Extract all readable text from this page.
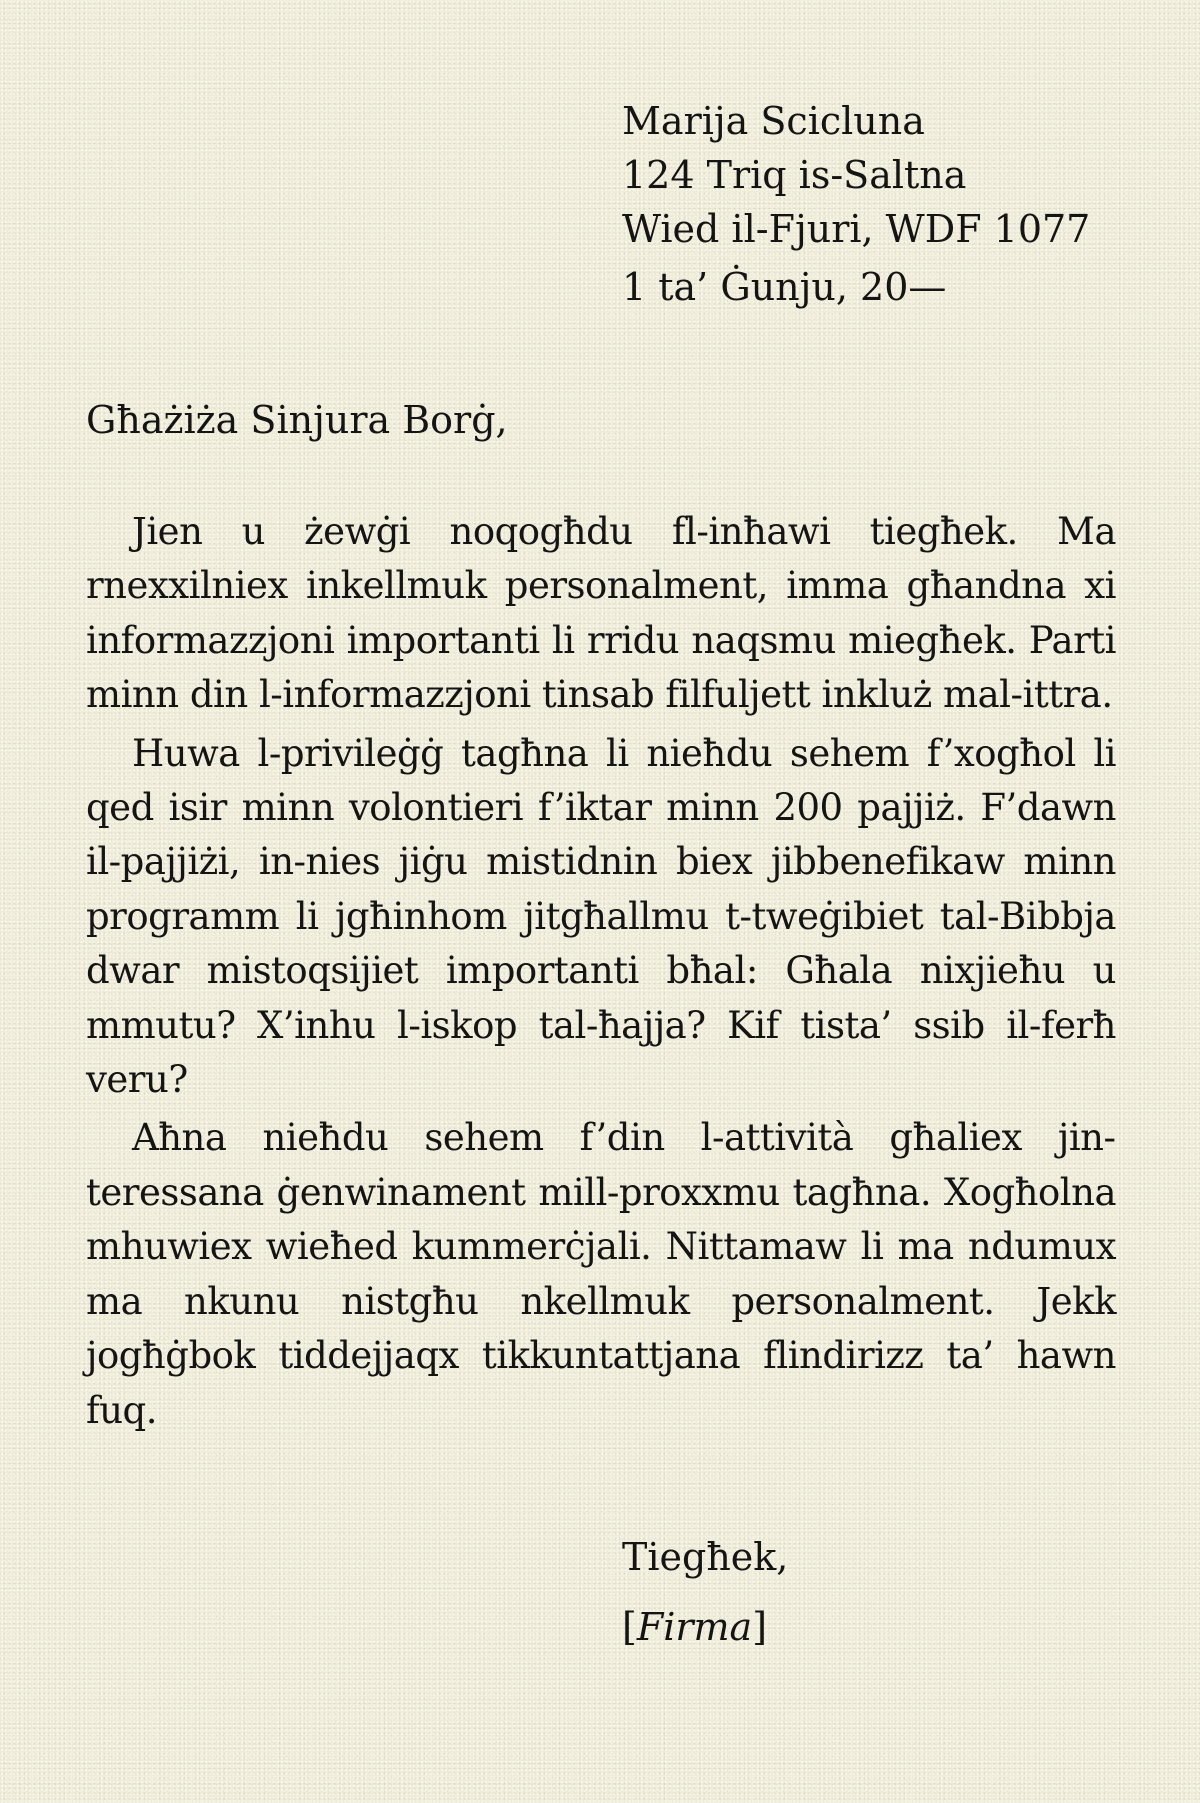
Marija Scicluna
124 Triq is-Saltna
Wied il-Fjuri, WDF 1077
1 ta’ Ġunju, 20—
Għażiża Sinjura Borġ,

Jien u żewġi noqogħdu fl-inħawi tiegħek. Ma rnexxilniex inkellmuk personalment, imma għandna xi informazzjoni importanti li rridu naqsmu miegħek. Parti minn din l-informazzjoni tinsab filfuljett inkluż mal-ittra.

Huwa l-privileġġ tagħna li nieħdu sehem f’xogħol li qed isir minn volontieri f’iktar minn 200 pajjiż. F’dawn il-pajjiżi, in-nies jiġu mistidnin biex jibbenefikaw minn programm li jgħinhom jitgħallmu t-tweġibiet tal-Bibbja dwar mistoqsijiet importanti bħal: Għala nixjieħu u mmutu? X’inhu l-iskop tal-ħajja? Kif tista’ ssib il-ferħ veru?

Aħna nieħdu sehem f’din l-attività għaliex jinteressana ġenwinament mill-proxxmu tagħna. Xogħolna mhuwiex wieħed kummerċjali. Nittamaw li ma ndumux ma nkunu nistgħu nkellmuk personalment. Jekk jogħġbok tiddejjaqx tikkuntattjana flindirizz ta’ hawn fuq.

Tiegħek,
[Firma]
